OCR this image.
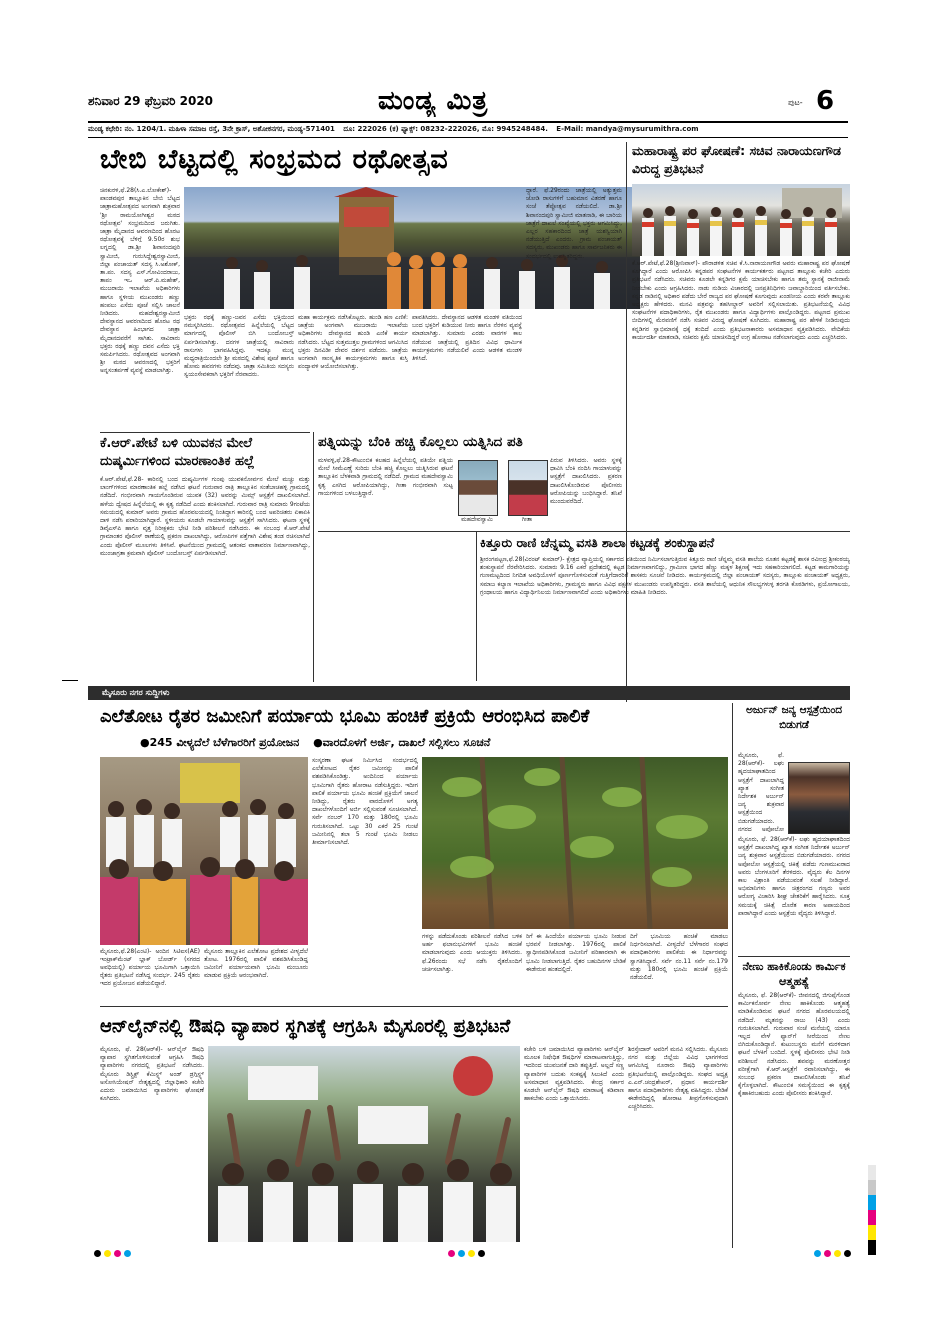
ಶನಿವಾರ 29 ಫೆಬ್ರವರಿ 2020	ಮಂಡ್ಯ ಮಿತ್ರ	ಪುಟ- 6
ಮಂಡ್ಯ ಕಛೇರಿ: ನಂ. 1204/1. ಮಹಿಳಾ ಸಮಾಜ ರಸ್ತೆ, 3ನೇ ಕ್ರಾಸ್, ಅಶೋಕನಗರ, ಮಂಡ್ಯ-571401 ದೂ: 222026 (ಕ) ಫ್ಯಾಕ್ಸ್: 08232-222026, ಮೊ: 9945248484. E-Mail: mandya@mysurumithra.com
ಬೇಬಿ ಬೆಟ್ಟದಲ್ಲಿ ಸಂಭ್ರಮದ ರಥೋತ್ಸವ
ಚಿನಕುರಳಿ,ಫೆ.28(ಸಿ.ಎ.ಲೋಕೇಶ್)- ಪಾಂಡವಪುರ ತಾಲ್ಲೂಕಿನ ಬೇಬಿ ಬೆಟ್ಟದ ಜಾತ್ರಾಮಹೋತ್ಸವದ ಅಂಗವಾಗಿ ಶುಕ್ರವಾರ 'ಶ್ರೀ ರಾಮಯೋಗೀಶ್ವರ ಮಠದ ರಥೋತ್ಸವ' ಸಂಭ್ರಮದಿಂದ ಜರುಗಿತು. ಜಾತ್ರಾ ಮೈದಾನದ ಆವರಣದಿಂದ ಹೊರಟ ರಥೋತ್ಸವಕ್ಕೆ ಬೆಳಿಗ್ಗೆ 9.50ರ ಶುಭ ಲಗ್ನದಲ್ಲಿ ಡಾ.ಶ್ರೀ ಶಿವಾನಂದಪುರಿ ಸ್ವಾಮೀಜಿ, ಗುರುಸಿದ್ದೇಶ್ವರಸ್ವಾಮೀಜಿ, ಜಿಲ್ಲಾ ಪಂಚಾಯತ್ ಸದಸ್ಯ ಸಿ.ಅಶೋಕ್, ತಾ.ಪಂ. ಸದಸ್ಯ ಎಸ್.ಗೋವಿಂದರಾಜು, ತಾಪಂ ಇಒ ಆರ್.ಪಿ.ಮಹೇಶ್, ಮುಜರಾಯಿ ಇಲಾಖೆಯ ಅಧಿಕಾರಿಗಳು ಹಾಗೂ ಸ್ಥಳೀಯ ಮುಖಂಡರು ಹಣ್ಣು ಹಂಪಲು ಎಸೆದು ಪೂಜೆ ಸಲ್ಲಿಸಿ ಚಾಲನೆ ನೀಡಿದರು. ಮಹದೇಶ್ವರಸ್ವಾಮೀಜಿ ದೇವಸ್ಥಾನದ ಆವರಣದಿಂದ ಹೊರಟ ರಥ ದೇವಸ್ಥಾನ ಹಿಂಭಾಗದ ಜಾತ್ರಾ ಮೈದಾನದವರೆಗೆ ಸಾಗಿತು. ಸಾವಿರಾರು ಭಕ್ತರು ರಥಕ್ಕೆ ಹಣ್ಣು ದವನ ಎಸೆದು ಭಕ್ತಿ ಸಮರ್ಪಿಸಿದರು. ರಥೋತ್ಸವದ ಅಂಗವಾಗಿ ಶ್ರೀ ಮಠದ ಆವರಣದಲ್ಲಿ ಭಕ್ತರಿಗೆ ಅನ್ನಸಂತರ್ಪಣೆ ವ್ಯವಸ್ಥೆ ಮಾಡಲಾಗಿತ್ತು.
ಭಕ್ತರು ರಥಕ್ಕೆ ಹಣ್ಣು-ಜವನ ಎಸೆದು ಭಕ್ತಿಯಿಂದ ನಮಸ್ಕರಿಸಿದರು. ರಥೋತ್ಸವದ ಹಿನ್ನೆಲೆಯಲ್ಲಿ ಬೆಟ್ಟದ ಮಾರ್ಗದಲ್ಲಿ ಪೊಲೀಸ್ ಬಿಗಿ ಬಂದೋಬಸ್ತ್ ಏರ್ಪಡಿಸಲಾಗಿತ್ತು. ದನಗಳ ಜಾತ್ರೆಯಲ್ಲಿ ಸಾವಿರಾರು ರಾಸುಗಳು ಭಾಗವಹಿಸಿದ್ದವು. ಇದಕ್ಕೂ ಮುನ್ನ ಮಧ್ಯರಾತ್ರಿಯಿಂದಲೇ ಶ್ರೀ ಮಠದಲ್ಲಿ ವಿಶೇಷ ಪೂಜೆ ಹಾಗೂ ಹೋಮ ಹವನಗಳು ನಡೆದವು. ಜಾತ್ರಾ ಸಮಿತಿಯ ಸದಸ್ಯರು ಸ್ವಯಂಸೇವಕರಾಗಿ ಭಕ್ತರಿಗೆ ನೆರವಾದರು.
ಮಹಾ ಕಾರ್ಯಕ್ರಮ ನಡೆಸಿಕೊಟ್ಟರು. ಹುಂಡಿ ಹಣ ಎಣಿಕೆ: ಜಾತ್ರೆಯ ಅಂಗವಾಗಿ ಮುಜರಾಯಿ ಇಲಾಖೆಯ ಅಧಿಕಾರಿಗಳು ದೇವಸ್ಥಾನದ ಹುಂಡಿ ಎಣಿಕೆ ಕಾರ್ಯ ನಡೆಸಿದರು. ಬೆಟ್ಟದ ಸುತ್ತಮುತ್ತಲ ಗ್ರಾಮಗಳಿಂದ ಆಗಮಿಸಿದ ಭಕ್ತರು ದಿನವಿಡೀ ದೇವರ ದರ್ಶನ ಪಡೆದರು. ಜಾತ್ರೆಯ ಅಂಗವಾಗಿ ಸಾಂಸ್ಕೃತಿಕ ಕಾರ್ಯಕ್ರಮಗಳು ಹಾಗೂ ಕುಸ್ತಿ ಪಂದ್ಯಾವಳಿ ಆಯೋಜಿಸಲಾಗಿತ್ತು.
ಪಾವತಿಸಿದರು. ದೇವಸ್ಥಾನದ ಆಡಳಿತ ಮಂಡಳಿ ವತಿಯಿಂದ ಬಂದ ಭಕ್ತರಿಗೆ ಕುಡಿಯುವ ನೀರು ಹಾಗೂ ನೆರಳಿನ ವ್ಯವಸ್ಥೆ ಮಾಡಲಾಗಿತ್ತು. ಸುಮಾರು ಎರಡು ವಾರಗಳ ಕಾಲ ನಡೆಯುವ ಜಾತ್ರೆಯಲ್ಲಿ ಪ್ರತಿದಿನ ವಿವಿಧ ಧಾರ್ಮಿಕ ಕಾರ್ಯಕ್ರಮಗಳು ನಡೆಯಲಿವೆ ಎಂದು ಆಡಳಿತ ಮಂಡಳಿ ತಿಳಿಸಿದೆ.
ದ್ದಾರೆ. ಫೆ.29ರಂದು ಜಾತ್ರೆಯಲ್ಲಿ ಅತ್ಯುತ್ತಮ ಜೋಡಿ ರಾಸುಗಳಿಗೆ ಬಹುಮಾನ ವಿತರಣೆ ಹಾಗೂ ಸಂಜೆ ತೆಪ್ಪೋತ್ಸವ ನಡೆಯಲಿದೆ. ಡಾ.ಶ್ರೀ ಶಿವಾನಂದಪುರಿ ಸ್ವಾಮೀಜಿ ಮಾತನಾಡಿ, ಈ ಬಾರಿಯ ಜಾತ್ರೆಗೆ ದಾಖಲೆ ಸಂಖ್ಯೆಯಲ್ಲಿ ಭಕ್ತರು ಆಗಮಿಸಿದ್ದು, ಎಲ್ಲರ ಸಹಕಾರದಿಂದ ಜಾತ್ರೆ ಯಶಸ್ವಿಯಾಗಿ ನಡೆಯುತ್ತಿದೆ ಎಂದರು. ಗ್ರಾಮ ಪಂಚಾಯತ್ ಸದಸ್ಯರು, ಮುಖಂಡರು ಹಾಗೂ ಸಾರ್ವಜನಿಕರು ಈ ಸಂದರ್ಭದಲ್ಲಿ ಉಪಸ್ಥಿತರಿದ್ದರು.
ಮಹಾರಾಷ್ಟ್ರ ಪರ ಘೋಷಣೆ: ಸಚಿವ ನಾರಾಯಣಗೌಡ ವಿರುದ್ಧ ಪ್ರತಿಭಟನೆ
ಕೆ.ಆರ್.ಪೇಟೆ,ಫೆ.28(ಶ್ರೀನಿವಾಸ್)- ಪೌರಾಡಳಿತ ಸಚಿವ ಕೆ.ಸಿ.ನಾರಾಯಣಗೌಡ ಅವರು ಮಹಾರಾಷ್ಟ್ರ ಪರ ಘೋಷಣೆ ಕೂಗಿದ್ದಾರೆ ಎಂದು ಆರೋಪಿಸಿ ಕನ್ನಡಪರ ಸಂಘಟನೆಗಳ ಕಾರ್ಯಕರ್ತರು ಪಟ್ಟಣದ ತಾಲ್ಲೂಕು ಕಚೇರಿ ಎದುರು ಪ್ರತಿಭಟನೆ ನಡೆಸಿದರು. ಸಚಿವರು ಕೂಡಲೇ ಕನ್ನಡಿಗರ ಕ್ಷಮೆ ಯಾಚಿಸಬೇಕು ಹಾಗೂ ತಮ್ಮ ಸ್ಥಾನಕ್ಕೆ ರಾಜೀನಾಮೆ ನೀಡಬೇಕು ಎಂದು ಆಗ್ರಹಿಸಿದರು. ನಾಡು ನುಡಿಯ ವಿಚಾರದಲ್ಲಿ ಜನಪ್ರತಿನಿಧಿಗಳು ಜವಾಬ್ದಾರಿಯಿಂದ ವರ್ತಿಸಬೇಕು. ಕನ್ನಡ ನಾಡಿನಲ್ಲಿ ಅಧಿಕಾರ ಪಡೆದು ಬೇರೆ ರಾಜ್ಯದ ಪರ ಘೋಷಣೆ ಕೂಗುವುದು ಖಂಡನೀಯ ಎಂದು ಕರವೇ ತಾಲ್ಲೂಕು ಅಧ್ಯಕ್ಷರು ಹೇಳಿದರು. ಮನವಿ ಪತ್ರವನ್ನು ತಹಸೀಲ್ದಾರ್ ಅವರಿಗೆ ಸಲ್ಲಿಸಲಾಯಿತು. ಪ್ರತಿಭಟನೆಯಲ್ಲಿ ವಿವಿಧ ಸಂಘಟನೆಗಳ ಪದಾಧಿಕಾರಿಗಳು, ರೈತ ಮುಖಂಡರು ಹಾಗೂ ವಿದ್ಯಾರ್ಥಿಗಳು ಪಾಲ್ಗೊಂಡಿದ್ದರು. ಪಟ್ಟಣದ ಪ್ರಮುಖ ಬೀದಿಗಳಲ್ಲಿ ಮೆರವಣಿಗೆ ನಡೆಸಿ ಸಚಿವರ ವಿರುದ್ಧ ಘೋಷಣೆ ಕೂಗಿದರು. ಮಹಾರಾಷ್ಟ್ರ ಪರ ಹೇಳಿಕೆ ನೀಡಿರುವುದು ಕನ್ನಡಿಗರ ಸ್ವಾಭಿಮಾನಕ್ಕೆ ಧಕ್ಕೆ ತಂದಿದೆ ಎಂದು ಪ್ರತಿಭಟನಾಕಾರರು ಅಸಮಾಧಾನ ವ್ಯಕ್ತಪಡಿಸಿದರು. ವೇದಿಕೆಯ ಕಾರ್ಯದರ್ಶಿ ಮಾತನಾಡಿ, ಸಚಿವರು ಕ್ಷಮೆ ಯಾಚಿಸದಿದ್ದರೆ ಉಗ್ರ ಹೋರಾಟ ನಡೆಸಲಾಗುವುದು ಎಂದು ಎಚ್ಚರಿಸಿದರು.
ಕೆ.ಆರ್.ಪೇಟೆ ಬಳಿ ಯುವಕನ ಮೇಲೆ
ದುಷ್ಕರ್ಮಿಗಳಿಂದ ಮಾರಣಾಂತಿಕ ಹಲ್ಲೆ
ಕೆ.ಆರ್.ಪೇಟೆ,ಫೆ.28- ಕಾರಿನಲ್ಲಿ ಬಂದ ದುಷ್ಕರ್ಮಿಗಳ ಗುಂಪು ಯುವಕನೋರ್ವನ ಮೇಲೆ ಮಚ್ಚು ಮತ್ತು ಲಾಂಗ್‌ಗಳಿಂದ ಮಾರಣಾಂತಿಕ ಹಲ್ಲೆ ನಡೆಸಿದ ಘಟನೆ ಗುರುವಾರ ರಾತ್ರಿ ತಾಲ್ಲೂಕಿನ ಸಂತೆಬಾಚಹಳ್ಳಿ ಗ್ರಾಮದಲ್ಲಿ ನಡೆದಿದೆ. ಗಂಭೀರವಾಗಿ ಗಾಯಗೊಂಡಿರುವ ಯುವಕ (32) ಅವರನ್ನು ಮಿಮ್ಸ್ ಆಸ್ಪತ್ರೆಗೆ ದಾಖಲಿಸಲಾಗಿದೆ. ಹಳೆಯ ದ್ವೇಷದ ಹಿನ್ನೆಲೆಯಲ್ಲಿ ಈ ಕೃತ್ಯ ನಡೆದಿದೆ ಎಂದು ಶಂಕಿಸಲಾಗಿದೆ. ಗುರುವಾರ ರಾತ್ರಿ ಸುಮಾರು 9ಗಂಟೆಯ ಸಮಯದಲ್ಲಿ ಕುಮಾರ್ ಅವರು ಗ್ರಾಮದ ಹೊರವಲಯದಲ್ಲಿ ನಿಂತಿದ್ದಾಗ ಕಾರಿನಲ್ಲಿ ಬಂದ ಅಪರಿಚಿತರು ಏಕಾಏಕಿ ದಾಳಿ ನಡೆಸಿ ಪರಾರಿಯಾಗಿದ್ದಾರೆ. ಸ್ಥಳೀಯರು ಕೂಡಲೇ ಗಾಯಾಳುವನ್ನು ಆಸ್ಪತ್ರೆಗೆ ಸಾಗಿಸಿದರು. ಘಟನಾ ಸ್ಥಳಕ್ಕೆ ಡಿವೈಎಸ್‌ಪಿ ಹಾಗೂ ವೃತ್ತ ನಿರೀಕ್ಷಕರು ಭೇಟಿ ನೀಡಿ ಪರಿಶೀಲನೆ ನಡೆಸಿದರು. ಈ ಸಂಬಂಧ ಕೆ.ಆರ್.ಪೇಟೆ ಗ್ರಾಮಾಂತರ ಪೊಲೀಸ್ ಠಾಣೆಯಲ್ಲಿ ಪ್ರಕರಣ ದಾಖಲಾಗಿದ್ದು, ಆರೋಪಿಗಳ ಪತ್ತೆಗಾಗಿ ವಿಶೇಷ ತಂಡ ರಚಿಸಲಾಗಿದೆ ಎಂದು ಪೊಲೀಸ್ ಮೂಲಗಳು ತಿಳಿಸಿವೆ. ಘಟನೆಯಿಂದ ಗ್ರಾಮದಲ್ಲಿ ಆತಂಕದ ವಾತಾವರಣ ನಿರ್ಮಾಣವಾಗಿದ್ದು, ಮುಂಜಾಗ್ರತಾ ಕ್ರಮವಾಗಿ ಪೊಲೀಸ್ ಬಂದೋಬಸ್ತ್ ಏರ್ಪಡಿಸಲಾಗಿದೆ.
ಪತ್ನಿಯನ್ನು ಬೆಂಕಿ ಹಚ್ಚಿ ಕೊಲ್ಲಲು ಯತ್ನಿಸಿದ ಪತಿ
ಮಳವಳ್ಳಿ,ಫೆ.28-ಕೌಟುಂಬಿಕ ಕಲಹದ ಹಿನ್ನೆಲೆಯಲ್ಲಿ ಪತಿಯೇ ಪತ್ನಿಯ ಮೇಲೆ ಸೀಮೆಎಣ್ಣೆ ಸುರಿದು ಬೆಂಕಿ ಹಚ್ಚಿ ಕೊಲ್ಲಲು ಯತ್ನಿಸಿರುವ ಘಟನೆ ತಾಲ್ಲೂಕಿನ ಬೆಳಕವಾಡಿ ಗ್ರಾಮದಲ್ಲಿ ನಡೆದಿದೆ. ಗ್ರಾಮದ ಮಹದೇವಸ್ವಾಮಿ ಕೃತ್ಯ ಎಸಗಿದ ಆರೋಪಿಯಾಗಿದ್ದು, ಗೀತಾ ಗಂಭೀರವಾಗಿ ಸುಟ್ಟ ಗಾಯಗಳಿಂದ ಬಳಲುತ್ತಿದ್ದಾರೆ.
ಮಹದೇವಸ್ವಾಮಿ	ಗೀತಾ
ಪಿರುವ ತಿಳಿಸಿದರು. ಅವರು ಸ್ಥಳಕ್ಕೆ ಧಾವಿಸಿ ಬೆಂಕಿ ನಂದಿಸಿ ಗಾಯಾಳುವನ್ನು ಆಸ್ಪತ್ರೆಗೆ ದಾಖಲಿಸಿದರು. ಪ್ರಕರಣ ದಾಖಲಿಸಿಕೊಂಡಿರುವ ಪೊಲೀಸರು ಆರೋಪಿಯನ್ನು ಬಂಧಿಸಿದ್ದಾರೆ. ತನಿಖೆ ಮುಂದುವರೆದಿದೆ.
ಕಿತ್ತೂರು ರಾಣಿ ಚೆನ್ನಮ್ಮ ವಸತಿ ಶಾಲಾ ಕಟ್ಟಡಕ್ಕೆ ಶಂಕುಸ್ಥಾಪನೆ
ಶ್ರೀರಂಗಪಟ್ಟಣ,ಫೆ.28(ವಿರಂಟ್ ಕುಮಾರ್)- ಕ್ಷೇತ್ರದ ವ್ಯಾಪ್ತಿಯಲ್ಲಿ ಸರ್ಕಾರದ ವತಿಯಿಂದ ನಿರ್ಮಿಸಲಾಗುತ್ತಿರುವ ಕಿತ್ತೂರು ರಾಣಿ ಚೆನ್ನಮ್ಮ ವಸತಿ ಶಾಲೆಯ ನೂತನ ಕಟ್ಟಡಕ್ಕೆ ಶಾಸಕ ರವೀಂದ್ರ ಶ್ರೀಕಂಠಯ್ಯ ಶಂಕುಸ್ಥಾಪನೆ ನೆರವೇರಿಸಿದರು. ಸುಮಾರು 9.16 ಎಕರೆ ಪ್ರದೇಶದಲ್ಲಿ ಕಟ್ಟಡ ನಿರ್ಮಾಣವಾಗಲಿದ್ದು, ಗ್ರಾಮೀಣ ಭಾಗದ ಹೆಣ್ಣು ಮಕ್ಕಳ ಶಿಕ್ಷಣಕ್ಕೆ ಇದು ಸಹಕಾರಿಯಾಗಲಿದೆ. ಕಟ್ಟಡ ಕಾಮಗಾರಿಯನ್ನು ಗುಣಮಟ್ಟದಿಂದ ನಿಗದಿತ ಅವಧಿಯೊಳಗೆ ಪೂರ್ಣಗೊಳಿಸುವಂತೆ ಗುತ್ತಿಗೆದಾರರಿಗೆ ಶಾಸಕರು ಸೂಚನೆ ನೀಡಿದರು. ಕಾರ್ಯಕ್ರಮದಲ್ಲಿ ಜಿಲ್ಲಾ ಪಂಚಾಯತ್ ಸದಸ್ಯರು, ತಾಲ್ಲೂಕು ಪಂಚಾಯತ್ ಅಧ್ಯಕ್ಷರು, ಸಮಾಜ ಕಲ್ಯಾಣ ಇಲಾಖೆಯ ಅಧಿಕಾರಿಗಳು, ಗ್ರಾಮಸ್ಥರು ಹಾಗೂ ವಿವಿಧ ಪಕ್ಷಗಳ ಮುಖಂಡರು ಉಪಸ್ಥಿತರಿದ್ದರು. ವಸತಿ ಶಾಲೆಯಲ್ಲಿ ಆಧುನಿಕ ಸೌಲಭ್ಯಗಳುಳ್ಳ ತರಗತಿ ಕೊಠಡಿಗಳು, ಪ್ರಯೋಗಾಲಯ, ಗ್ರಂಥಾಲಯ ಹಾಗೂ ವಿದ್ಯಾರ್ಥಿನಿಲಯ ನಿರ್ಮಾಣವಾಗಲಿದೆ ಎಂದು ಅಧಿಕಾರಿಗಳು ಮಾಹಿತಿ ನೀಡಿದರು.
ಮೈಸೂರು ನಗರ ಸುದ್ದಿಗಳು
ಎಲೆತೋಟ ರೈತರ ಜಮೀನಿಗೆ ಪರ್ಯಾಯ ಭೂಮಿ ಹಂಚಿಕೆ ಪ್ರಕ್ರಿಯೆ ಆರಂಭಿಸಿದ ಪಾಲಿಕೆ
●245 ವೀಳ್ಯದೆಲೆ ಬೆಳೆಗಾರರಿಗೆ ಪ್ರಯೋಜನ ●ವಾರದೊಳಗೆ ಅರ್ಜಿ, ದಾಖಲೆ ಸಲ್ಲಿಸಲು ಸೂಚನೆ
ಮೈಸೂರು,ಫೆ.28(ಎಂಟಿ)- ಅಂದಿನ ಸಿಟಿಐಸ(AE) ಇಂಟ್ರಾಕ್‌ಮೆಂಟ್ ಬ್ಲಾಕ್ ಬೋರ್ಡ್ (ಸಗರದ ಅವಧಿಯಲ್ಲಿ) ಪರ್ಯಾಯ ಭೂಮಿಗಾಗಿ ಒತ್ತಾಯಿಸಿ ರೈತರು ಪ್ರತಿಭಟನೆ ನಡೆಸಿದ್ದ ಸಂದರ್ಭ. 245 ರೈತರು ಇದರ ಪ್ರಯೋಜನ ಪಡೆಯಲಿದ್ದಾರೆ.
ಮೈಸೂರು ತಾಲ್ಲೂಕಿನ ಎಲೆತೋಟ ಪ್ರದೇಶದ ವೀಳ್ಯದೆಲೆ ತೋಟ. 1976ರಲ್ಲಿ ಪಾಲಿಕೆ ವಶಪಡಿಸಿಕೊಂಡಿದ್ದ ಜಮೀನಿಗೆ ಪರ್ಯಾಯವಾಗಿ ಭೂಮಿ ಮಂಜೂರು ಮಾಡುವ ಪ್ರಕ್ರಿಯೆ ಆರಂಭವಾಗಿದೆ.
ಸಂಸ್ಕರಣಾ ಘಟಕ ನಿರ್ಮಿಸಿದ ಸಂದರ್ಭದಲ್ಲಿ ಎಲೆತೋಟದ ರೈತರ ಜಮೀನನ್ನು ಪಾಲಿಕೆ ವಶಪಡಿಸಿಕೊಂಡಿತ್ತು. ಅಂದಿನಿಂದ ಪರ್ಯಾಯ ಭೂಮಿಗಾಗಿ ರೈತರು ಹೋರಾಟ ನಡೆಸುತ್ತಿದ್ದರು. ಇದೀಗ ಪಾಲಿಕೆ ಪರ್ಯಾಯ ಭೂಮಿ ಹಂಚಿಕೆ ಪ್ರಕ್ರಿಯೆಗೆ ಚಾಲನೆ ನೀಡಿದ್ದು, ರೈತರು ವಾರದೊಳಗೆ ಅಗತ್ಯ ದಾಖಲೆಗಳೊಂದಿಗೆ ಅರ್ಜಿ ಸಲ್ಲಿಸುವಂತೆ ಸೂಚಿಸಲಾಗಿದೆ. ಸರ್ವೆ ನಂಬರ್ 170 ಮತ್ತು 180ರಲ್ಲಿ ಭೂಮಿ ಗುರುತಿಸಲಾಗಿದೆ. ಒಟ್ಟು 30 ಎಕರೆ 25 ಗುಂಟೆ ಜಮೀನಿನಲ್ಲಿ ತಲಾ 5 ಗುಂಟೆ ಭೂಮಿ ನೀಡಲು ತೀರ್ಮಾನಿಸಲಾಗಿದೆ.
ಗಳನ್ನು ಪಡೆದುಕೊಂಡು ಪರಿಶೀಲನೆ ನಡೆಸಿದ ಬಳಿಕ ಅರ್ಹ ಫಲಾನುಭವಿಗಳಿಗೆ ಭೂಮಿ ಹಂಚಿಕೆ ಮಾಡಲಾಗುವುದು ಎಂದು ಆಯುಕ್ತರು ತಿಳಿಸಿದರು. ಫೆ.26ರಂದು ಸಭೆ ನಡೆಸಿ ರೈತರೊಂದಿಗೆ ಚರ್ಚಿಸಲಾಗಿತ್ತು.
ರಿಗೆ ಈ ಹಿಂದೆಯೇ ಪರ್ಯಾಯ ಭೂಮಿ ನೀಡುವ ಭರವಸೆ ನೀಡಲಾಗಿತ್ತು. 1976ರಲ್ಲಿ ಪಾಲಿಕೆ ಸ್ವಾಧೀನಪಡಿಸಿಕೊಂಡ ಜಮೀನಿಗೆ ಪರಿಹಾರವಾಗಿ ಈ ಭೂಮಿ ನೀಡಲಾಗುತ್ತಿದೆ. ರೈತರ ಬಹುದಿನಗಳ ಬೇಡಿಕೆ ಈಡೇರುವ ಹಂತದಲ್ಲಿದೆ.
ದಿಗೆ ಭೂಮಿಯ ಹಂಚಿಕೆ ಮಾಡಲು ನಿರ್ಧರಿಸಲಾಗಿದೆ. ವೀಳ್ಯದೆಲೆ ಬೆಳೆಗಾರರ ಸಂಘದ ಪದಾಧಿಕಾರಿಗಳು ಪಾಲಿಕೆಯ ಈ ನಿರ್ಧಾರವನ್ನು ಸ್ವಾಗತಿಸಿದ್ದಾರೆ. ಸರ್ವೆ ನಂ.11 ಸರ್ವೆ ನಂ.179 ಮತ್ತು 180ರಲ್ಲಿ ಭೂಮಿ ಹಂಚಿಕೆ ಪ್ರಕ್ರಿಯೆ ನಡೆಯಲಿದೆ.
ಅರ್ಜುನ್ ಜನ್ಯ ಆಸ್ಪತ್ರೆಯಿಂದ ಬಿಡುಗಡೆ
ಮೈಸೂರು, ಫೆ. 28(ಆರ್‌ಕೆ)- ಲಘು ಹೃದಯಾಘಾತದಿಂದ ಆಸ್ಪತ್ರೆಗೆ ದಾಖಲಾಗಿದ್ದ ಖ್ಯಾತ ಸಂಗೀತ ನಿರ್ದೇಶಕ ಅರ್ಜುನ್ ಜನ್ಯ ಶುಕ್ರವಾರ ಆಸ್ಪತ್ರೆಯಿಂದ ಬಿಡುಗಡೆಯಾದರು. ನಗರದ ಅಪೋಲೋ
ಮೈಸೂರು, ಫೆ. 28(ಆರ್‌ಕೆ)- ಲಘು ಹೃದಯಾಘಾತದಿಂದ ಆಸ್ಪತ್ರೆಗೆ ದಾಖಲಾಗಿದ್ದ ಖ್ಯಾತ ಸಂಗೀತ ನಿರ್ದೇಶಕ ಅರ್ಜುನ್ ಜನ್ಯ ಶುಕ್ರವಾರ ಆಸ್ಪತ್ರೆಯಿಂದ ಬಿಡುಗಡೆಯಾದರು. ನಗರದ ಅಪೋಲೋ ಆಸ್ಪತ್ರೆಯಲ್ಲಿ ಚಿಕಿತ್ಸೆ ಪಡೆದು ಗುಣಮುಖರಾದ ಅವರು ಬೆಂಗಳೂರಿಗೆ ತೆರಳಿದರು. ವೈದ್ಯರು ಕೆಲ ದಿನಗಳ ಕಾಲ ವಿಶ್ರಾಂತಿ ಪಡೆಯುವಂತೆ ಸಲಹೆ ನೀಡಿದ್ದಾರೆ. ಅಭಿಮಾನಿಗಳು ಹಾಗೂ ಚಿತ್ರರಂಗದ ಗಣ್ಯರು ಅವರ ಆರೋಗ್ಯ ವಿಚಾರಿಸಿ ಶೀಘ್ರ ಚೇತರಿಕೆಗೆ ಹಾರೈಸಿದರು. ಸೂಕ್ತ ಸಮಯಕ್ಕೆ ಚಿಕಿತ್ಸೆ ದೊರೆತ ಕಾರಣ ಅಪಾಯದಿಂದ ಪಾರಾಗಿದ್ದಾರೆ ಎಂದು ಆಸ್ಪತ್ರೆಯ ವೈದ್ಯರು ತಿಳಿಸಿದ್ದಾರೆ.
ನೇಣು ಹಾಕಿಕೊಂಡು ಕಾರ್ಮಿಕ ಆತ್ಮಹತ್ಯೆ
ಮೈಸೂರು, ಫೆ. 28(ಆರ್‌ಕೆ)- ಜೀವನದಲ್ಲಿ ಜಿಗುಪ್ಸೆಗೊಂಡ ಕಾರ್ಮಿಕನೋರ್ವ ನೇಣು ಹಾಕಿಕೊಂಡು ಆತ್ಮಹತ್ಯೆ ಮಾಡಿಕೊಂಡಿರುವ ಘಟನೆ ನಗರದ ಹೊರವಲಯದಲ್ಲಿ ನಡೆದಿದೆ. ಮೃತನನ್ನು ರಾಜು (43) ಎಂದು ಗುರುತಿಸಲಾಗಿದೆ. ಗುರುವಾರ ಸಂಜೆ ಮನೆಯಲ್ಲಿ ಯಾರೂ ಇಲ್ಲದ ವೇಳೆ ಫ್ಯಾನ್‌ಗೆ ಸೀರೆಯಿಂದ ನೇಣು ಬಿಗಿದುಕೊಂಡಿದ್ದಾನೆ. ಕುಟುಂಬಸ್ಥರು ಮನೆಗೆ ಮರಳಿದಾಗ ಘಟನೆ ಬೆಳಕಿಗೆ ಬಂದಿದೆ. ಸ್ಥಳಕ್ಕೆ ಪೊಲೀಸರು ಭೇಟಿ ನೀಡಿ ಪರಿಶೀಲನೆ ನಡೆಸಿದರು. ಶವವನ್ನು ಮರಣೋತ್ತರ ಪರೀಕ್ಷೆಗಾಗಿ ಕೆ.ಆರ್.ಆಸ್ಪತ್ರೆಗೆ ರವಾನಿಸಲಾಗಿದ್ದು, ಈ ಸಂಬಂಧ ಪ್ರಕರಣ ದಾಖಲಿಸಿಕೊಂಡು ತನಿಖೆ ಕೈಗೊಳ್ಳಲಾಗಿದೆ. ಕೌಟುಂಬಿಕ ಸಮಸ್ಯೆಯಿಂದ ಈ ಕೃತ್ಯಕ್ಕೆ ಕೈಹಾಕಿರಬಹುದು ಎಂದು ಪೊಲೀಸರು ಶಂಕಿಸಿದ್ದಾರೆ.
ಆನ್‌ಲೈನ್‌ನಲ್ಲಿ ಔಷಧಿ ವ್ಯಾಪಾರ ಸ್ಥಗಿತಕ್ಕೆ ಆಗ್ರಹಿಸಿ ಮೈಸೂರಲ್ಲಿ ಪ್ರತಿಭಟನೆ
ಮೈಸೂರು, ಫೆ. 28(ಆರ್‌ಕೆ)- ಆನ್‌ಲೈನ್ ಔಷಧಿ ವ್ಯಾಪಾರ ಸ್ಥಗಿತಗೊಳಿಸುವಂತೆ ಆಗ್ರಹಿಸಿ ಔಷಧಿ ವ್ಯಾಪಾರಿಗಳು ನಗರದಲ್ಲಿ ಪ್ರತಿಭಟನೆ ನಡೆಸಿದರು. ಮೈಸೂರು ಡಿಸ್ಟ್ರಿಕ್ಟ್ ಕೆಮಿಸ್ಟ್ಸ್ ಅಂಡ್ ಡ್ರಗ್ಗಿಸ್ಟ್ಸ್ ಅಸೋಸಿಯೇಷನ್ ನೇತೃತ್ವದಲ್ಲಿ ಜಿಲ್ಲಾಧಿಕಾರಿ ಕಚೇರಿ ಎದುರು ಜಮಾಯಿಸಿದ ವ್ಯಾಪಾರಿಗಳು ಘೋಷಣೆ ಕೂಗಿದರು.
ಕಚೇರಿ ಬಳಿ ಜಮಾಯಿಸಿದ ವ್ಯಾಪಾರಿಗಳು ಆನ್‌ಲೈನ್ ಮೂಲಕ ನಿಷೇಧಿತ ಔಷಧಿಗಳ ಮಾರಾಟವಾಗುತ್ತಿದ್ದು, ಇದರಿಂದ ಯುವಜನತೆ ದಾರಿ ತಪ್ಪುತ್ತಿದೆ. ಅಲ್ಲದೆ ಸಣ್ಣ ವ್ಯಾಪಾರಿಗಳ ಬದುಕು ಸಂಕಷ್ಟಕ್ಕೆ ಸಿಲುಕಿದೆ ಎಂದು ಅಸಮಾಧಾನ ವ್ಯಕ್ತಪಡಿಸಿದರು. ಕೇಂದ್ರ ಸರ್ಕಾರ ಕೂಡಲೇ ಆನ್‌ಲೈನ್ ಔಷಧಿ ಮಾರಾಟಕ್ಕೆ ಕಡಿವಾಣ ಹಾಕಬೇಕು ಎಂದು ಒತ್ತಾಯಿಸಿದರು.
ಶಿರಸ್ತೇದಾರ್ ಅವರಿಗೆ ಮನವಿ ಸಲ್ಲಿಸಿದರು. ಮೈಸೂರು ನಗರ ಮತ್ತು ಜಿಲ್ಲೆಯ ವಿವಿಧ ಭಾಗಗಳಿಂದ ಆಗಮಿಸಿದ್ದ ನೂರಾರು ಔಷಧಿ ವ್ಯಾಪಾರಿಗಳು ಪ್ರತಿಭಟನೆಯಲ್ಲಿ ಪಾಲ್ಗೊಂಡಿದ್ದರು. ಸಂಘದ ಅಧ್ಯಕ್ಷ ಎ.ಎನ್.ಚಂದ್ರಶೇಖರ್, ಪ್ರಧಾನ ಕಾರ್ಯದರ್ಶಿ ಹಾಗೂ ಪದಾಧಿಕಾರಿಗಳು ನೇತೃತ್ವ ವಹಿಸಿದ್ದರು. ಬೇಡಿಕೆ ಈಡೇರದಿದ್ದಲ್ಲಿ ಹೋರಾಟ ತೀವ್ರಗೊಳಿಸುವುದಾಗಿ ಎಚ್ಚರಿಸಿದರು.
